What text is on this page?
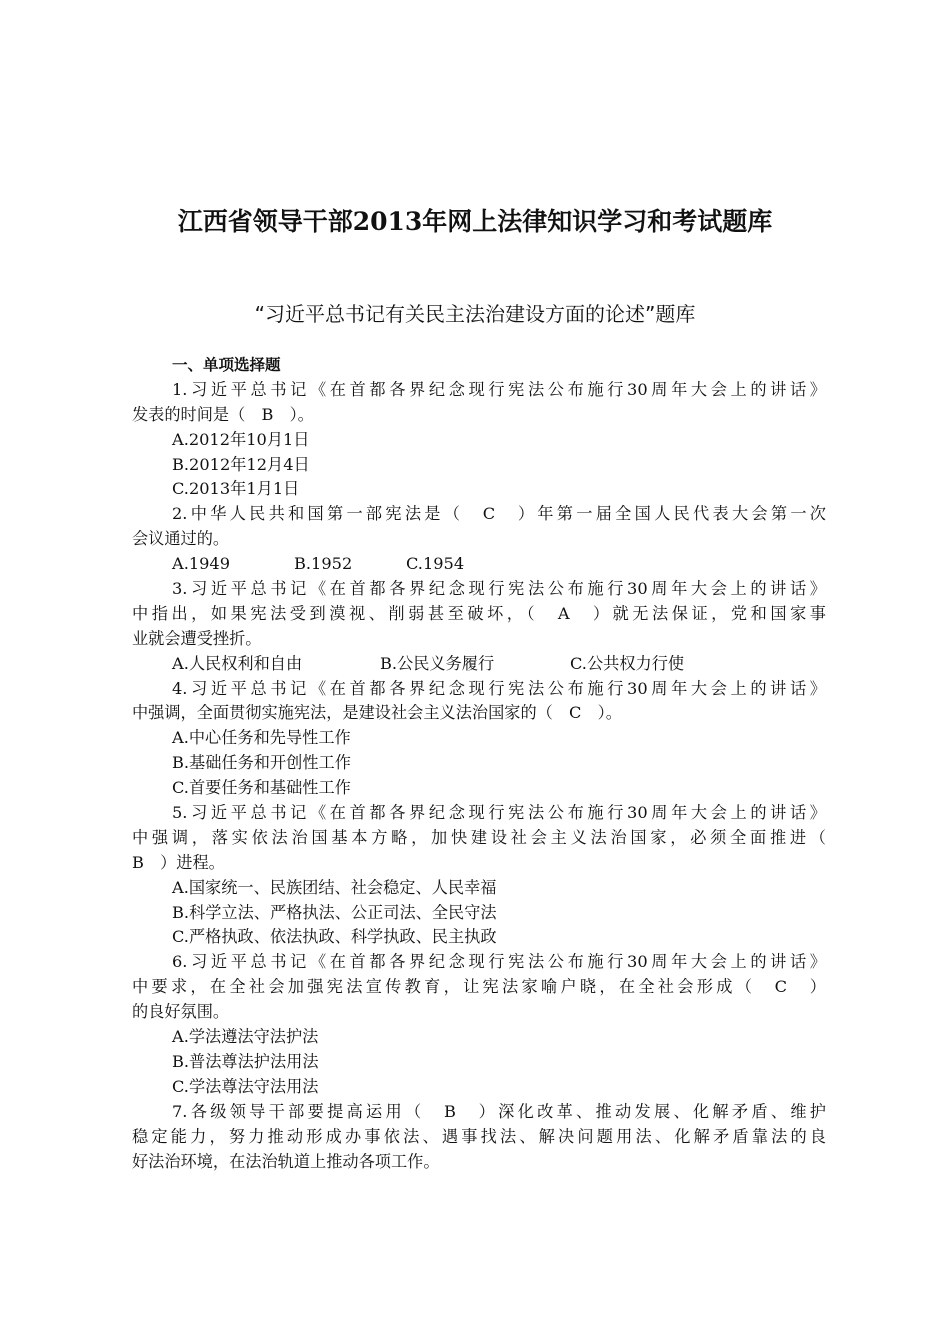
江西省领导干部2013年网上法律知识学习和考试题库
“习近平总书记有关民主法治建设方面的论述”题库
一、单项选择题
1.习近平总书记《在首都各界纪念现行宪法公布施行30周年大会上的讲话》
发表的时间是（　B　）。
A.2012年10月1日
B.2012年12月4日
C.2013年1月1日
2.中华人民共和国第一部宪法是（　C　）年第一届全国人民代表大会第一次
会议通过的。
A.1949	B.1952	C.1954
3.习近平总书记《在首都各界纪念现行宪法公布施行30周年大会上的讲话》
中指出，如果宪法受到漠视、削弱甚至破坏，（　A　）就无法保证，党和国家事
业就会遭受挫折。
A.人民权利和自由	B.公民义务履行	C.公共权力行使
4.习近平总书记《在首都各界纪念现行宪法公布施行30周年大会上的讲话》
中强调，全面贯彻实施宪法，是建设社会主义法治国家的（　C　）。
A.中心任务和先导性工作
B.基础任务和开创性工作
C.首要任务和基础性工作
5.习近平总书记《在首都各界纪念现行宪法公布施行30周年大会上的讲话》
中强调，落实依法治国基本方略，加快建设社会主义法治国家，必须全面推进（
B　）进程。
A.国家统一、民族团结、社会稳定、人民幸福
B.科学立法、严格执法、公正司法、全民守法
C.严格执政、依法执政、科学执政、民主执政
6.习近平总书记《在首都各界纪念现行宪法公布施行30周年大会上的讲话》
中要求，在全社会加强宪法宣传教育，让宪法家喻户晓，在全社会形成（　C　）
的良好氛围。
A.学法遵法守法护法
B.普法尊法护法用法
C.学法尊法守法用法
7.各级领导干部要提高运用（　B　）深化改革、推动发展、化解矛盾、维护
稳定能力，努力推动形成办事依法、遇事找法、解决问题用法、化解矛盾靠法的良
好法治环境，在法治轨道上推动各项工作。
